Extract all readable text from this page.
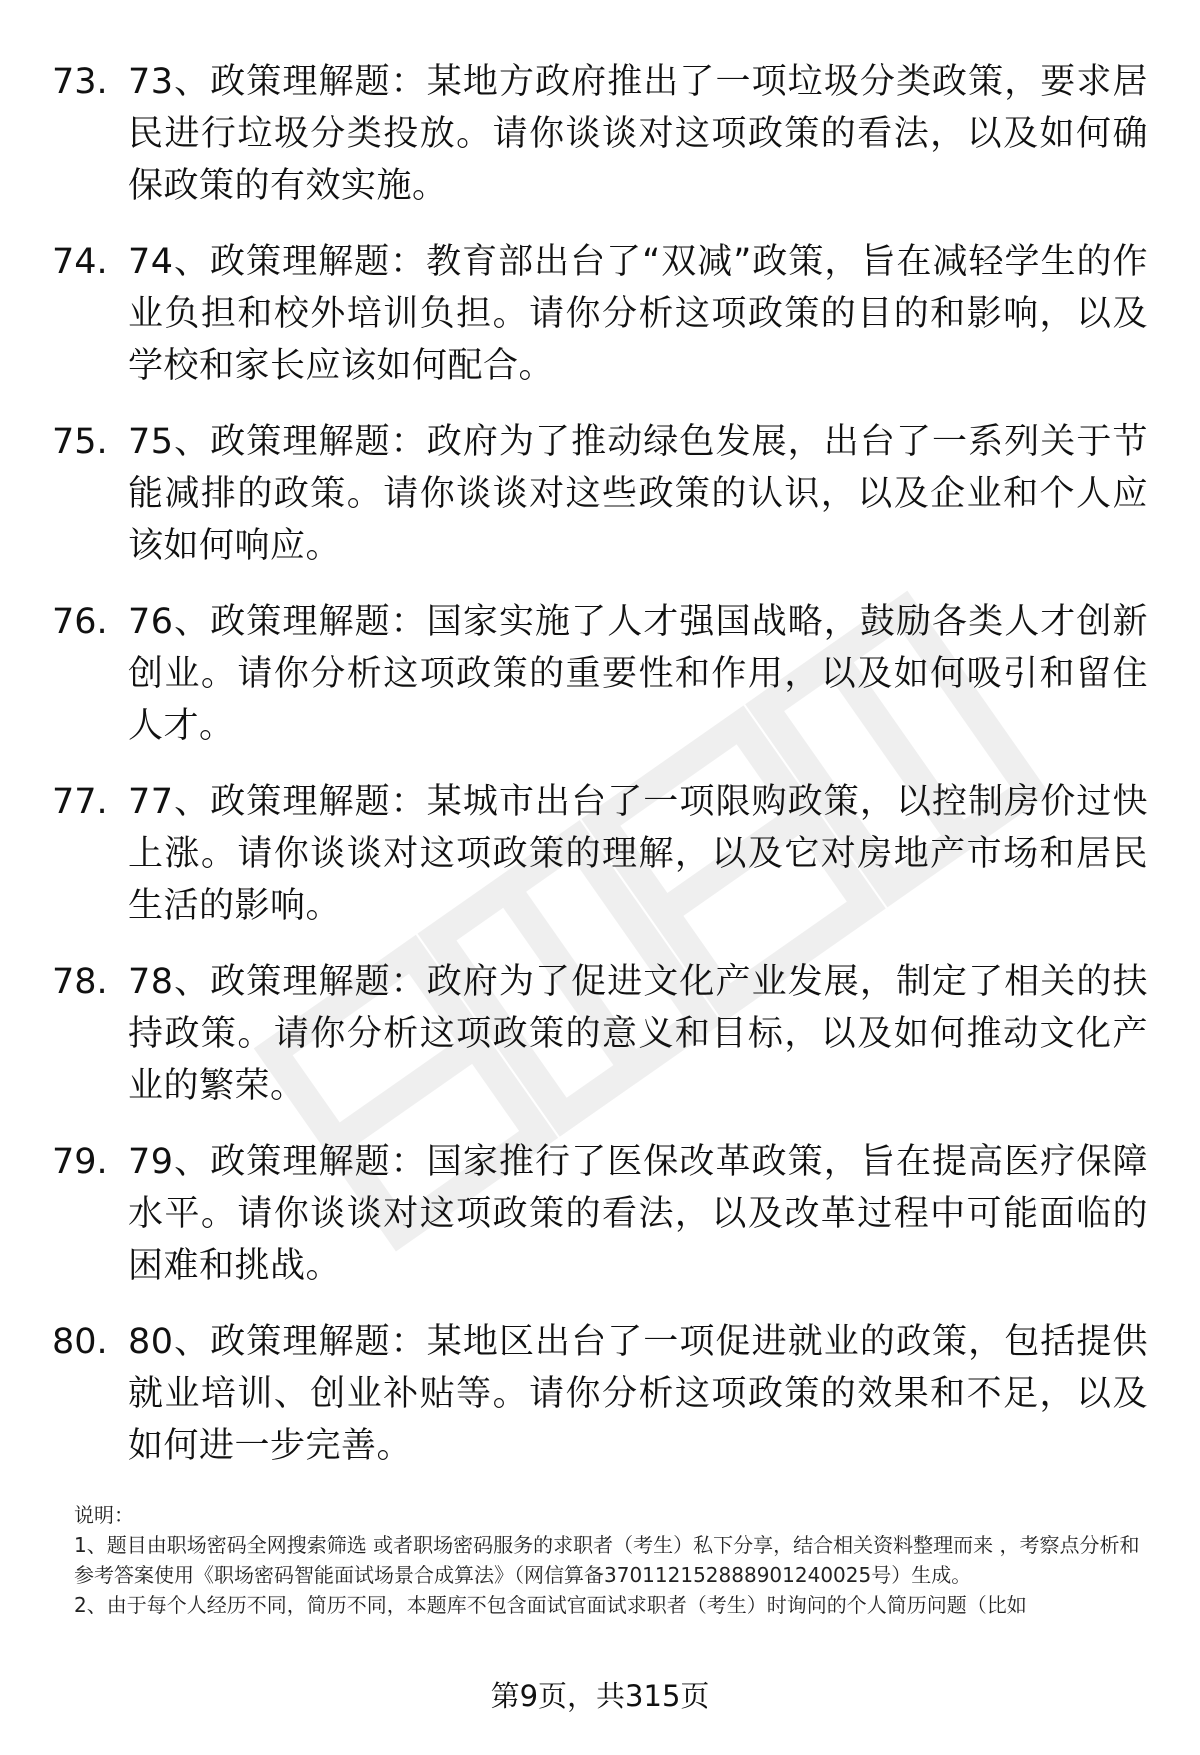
73. 73、政策理解题：某地方政府推出了一项垃圾分类政策，要求居民进行垃圾分类投放。请你谈谈对这项政策的看法，以及如何确保政策的有效实施。
74. 74、政策理解题：教育部出台了“双减”政策，旨在减轻学生的作业负担和校外培训负担。请你分析这项政策的目的和影响，以及学校和家长应该如何配合。
75. 75、政策理解题：政府为了推动绿色发展，出台了一系列关于节能减排的政策。请你谈谈对这些政策的认识，以及企业和个人应该如何响应。
76. 76、政策理解题：国家实施了人才强国战略，鼓励各类人才创新创业。请你分析这项政策的重要性和作用，以及如何吸引和留住人才。
77. 77、政策理解题：某城市出台了一项限购政策，以控制房价过快上涨。请你谈谈对这项政策的理解，以及它对房地产市场和居民生活的影响。
78. 78、政策理解题：政府为了促进文化产业发展，制定了相关的扶持政策。请你分析这项政策的意义和目标，以及如何推动文化产业的繁荣。
79. 79、政策理解题：国家推行了医保改革政策，旨在提高医疗保障水平。请你谈谈对这项政策的看法，以及改革过程中可能面临的困难和挑战。
80. 80、政策理解题：某地区出台了一项促进就业的政策，包括提供就业培训、创业补贴等。请你分析这项政策的效果和不足，以及如何进一步完善。

说明：

1、题目由职场密码全网搜索筛选 或者职场密码服务的求职者（考生）私下分享，结合相关资料整理而来 ，考察点分析和参考答案使用《职场密码智能面试场景合成算法》（网信算备3701121528889012400​25号）生成。

2、由于每个人经历不同，简历不同，本题库不包含面试官面试求职者（考生）时询问的个人简历问题（比如

第9页，共315页
